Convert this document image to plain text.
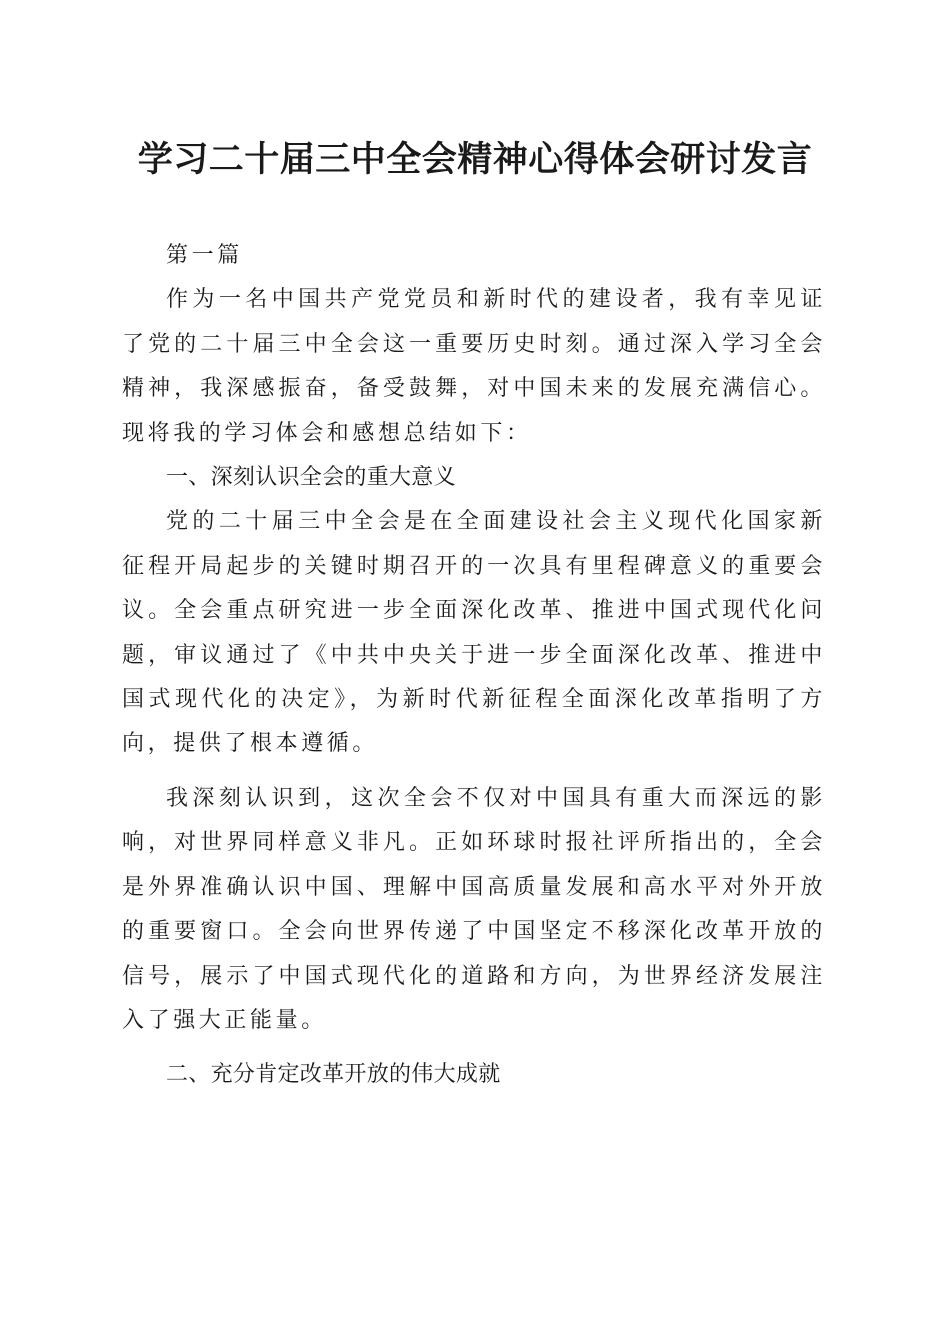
学习二十届三中全会精神心得体会研讨发言

第一篇

作为一名中国共产党党员和新时代的建设者，我有幸见证了党的二十届三中全会这一重要历史时刻。通过深入学习全会精神，我深感振奋，备受鼓舞，对中国未来的发展充满信心。现将我的学习体会和感想总结如下：

一、深刻认识全会的重大意义

党的二十届三中全会是在全面建设社会主义现代化国家新征程开局起步的关键时期召开的一次具有里程碑意义的重要会议。全会重点研究进一步全面深化改革、推进中国式现代化问题，审议通过了《中共中央关于进一步全面深化改革、推进中国式现代化的决定》，为新时代新征程全面深化改革指明了方向，提供了根本遵循。

我深刻认识到，这次全会不仅对中国具有重大而深远的影响，对世界同样意义非凡。正如环球时报社评所指出的，全会是外界准确认识中国、理解中国高质量发展和高水平对外开放的重要窗口。全会向世界传递了中国坚定不移深化改革开放的信号，展示了中国式现代化的道路和方向，为世界经济发展注入了强大正能量。

二、充分肯定改革开放的伟大成就
